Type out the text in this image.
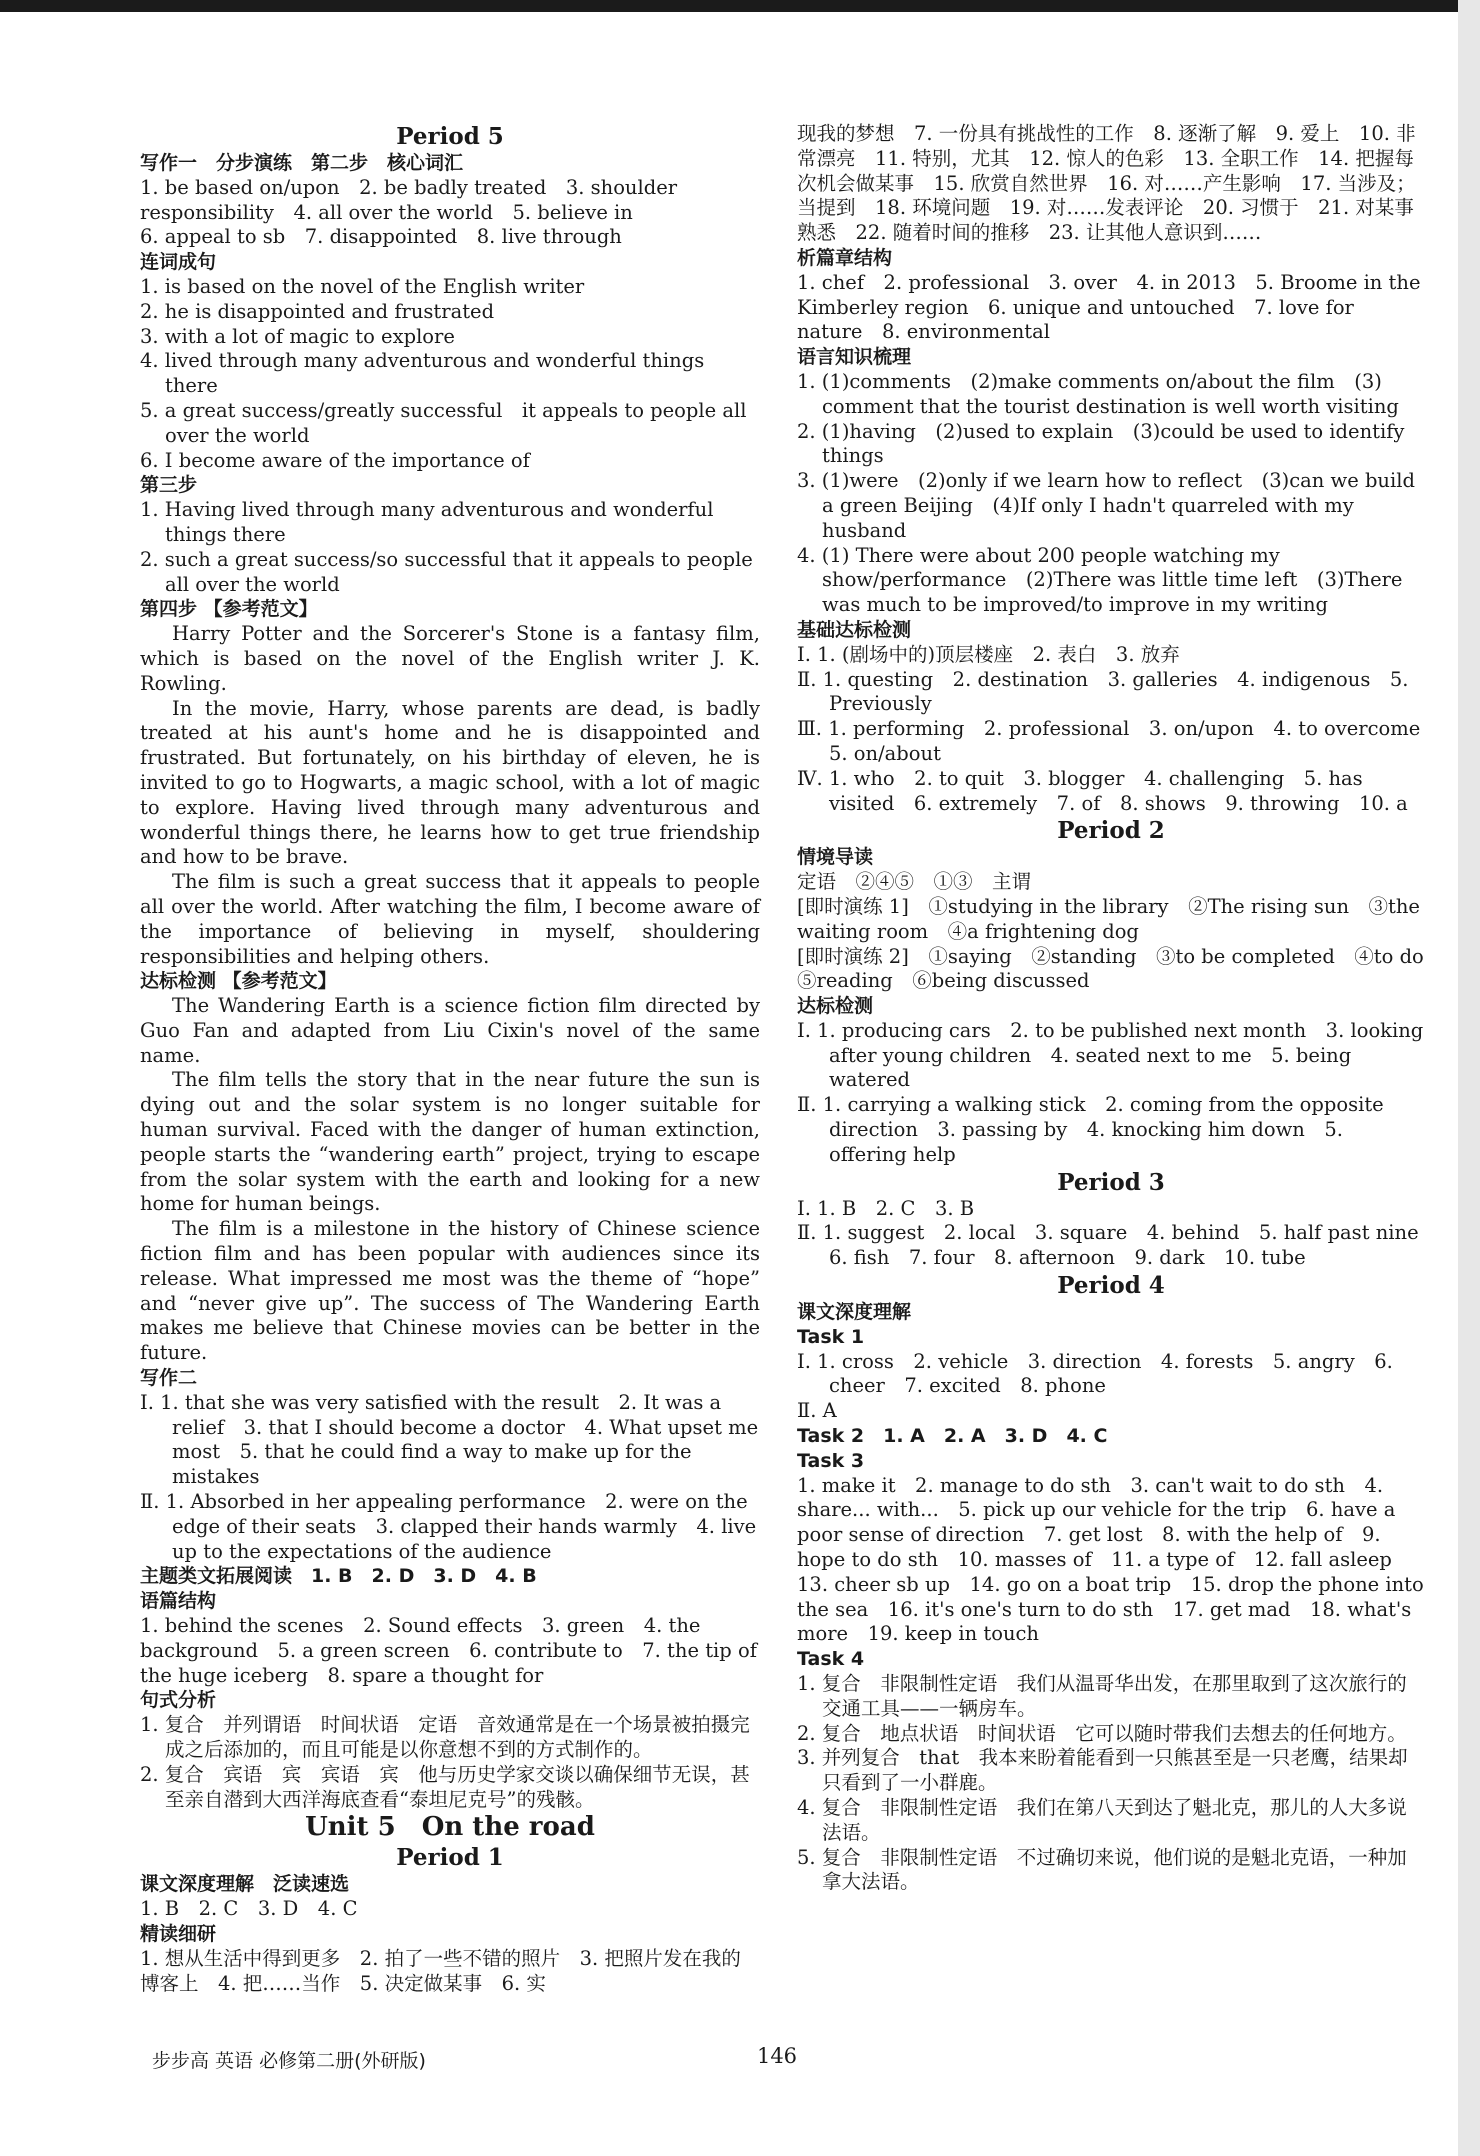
Period 5

写作一　分步演练　第二步　核心词汇

1. be based on/upon　2. be badly treated　3. shoulder responsibility　4. all over the world　5. believe in

6. appeal to sb　7. disappointed　8. live through

连词成句

1. is based on the novel of the English writer

2. he is disappointed and frustrated

3. with a lot of magic to explore

4. lived through many adventurous and wonderful things there

5. a great success/greatly successful　it appeals to people all over the world

6. I become aware of the importance of

第三步

1. Having lived through many adventurous and wonderful things there

2. such a great success/so successful that it appeals to people all over the world

第四步 【参考范文】

Harry Potter and the Sorcerer's Stone is a fantasy film, which is based on the novel of the English writer J. K. Rowling.

In the movie, Harry, whose parents are dead, is badly treated at his aunt's home and he is disappointed and frustrated. But fortunately, on his birthday of eleven, he is invited to go to Hogwarts, a magic school, with a lot of magic to explore. Having lived through many adventurous and wonderful things there, he learns how to get true friendship and how to be brave.

The film is such a great success that it appeals to people all over the world. After watching the film, I become aware of the importance of believing in myself, shouldering responsibilities and helping others.

达标检测 【参考范文】

The Wandering Earth is a science fiction film directed by Guo Fan and adapted from Liu Cixin's novel of the same name.

The film tells the story that in the near future the sun is dying out and the solar system is no longer suitable for human survival. Faced with the danger of human extinction, people starts the “wandering earth” project, trying to escape from the solar system with the earth and looking for a new home for human beings.

The film is a milestone in the history of Chinese science fiction film and has been popular with audiences since its release. What impressed me most was the theme of “hope” and “never give up”. The success of The Wandering Earth makes me believe that Chinese movies can be better in the future.

写作二

Ⅰ. 1. that she was very satisfied with the result　2. It was a relief　3. that I should become a doctor　4. What upset me most　5. that he could find a way to make up for the mistakes

Ⅱ. 1. Absorbed in her appealing performance　2. were on the edge of their seats　3. clapped their hands warmly　4. live up to the expectations of the audience

主题类文拓展阅读　1. B　2. D　3. D　4. B

语篇结构

1. behind the scenes　2. Sound effects　3. green　4. the background　5. a green screen　6. contribute to　7. the tip of the huge iceberg　8. spare a thought for

句式分析

1. 复合　并列谓语　时间状语　定语　音效通常是在一个场景被拍摄完成之后添加的，而且可能是以你意想不到的方式制作的。

2. 复合　宾语　宾　宾语　宾　他与历史学家交谈以确保细节无误，甚至亲自潜到大西洋海底查看“泰坦尼克号”的残骸。

Unit 5　On the road

Period 1

课文深度理解　泛读速选

1. B　2. C　3. D　4. C

精读细研

1. 想从生活中得到更多　2. 拍了一些不错的照片　3. 把照片发在我的博客上　4. 把……当作　5. 决定做某事　6. 实

现我的梦想　7. 一份具有挑战性的工作　8. 逐渐了解　9. 爱上　10. 非常漂亮　11. 特别，尤其　12. 惊人的色彩　13. 全职工作　14. 把握每次机会做某事　15. 欣赏自然世界　16. 对……产生影响　17. 当涉及；当提到　18. 环境问题　19. 对……发表评论　20. 习惯于　21. 对某事熟悉　22. 随着时间的推移　23. 让其他人意识到……

析篇章结构

1. chef　2. professional　3. over　4. in 2013　5. Broome in the Kimberley region　6. unique and untouched　7. love for nature　8. environmental

语言知识梳理

1. (1)comments　(2)make comments on/about the film　(3) comment that the tourist destination is well worth visiting

2. (1)having　(2)used to explain　(3)could be used to identify things

3. (1)were　(2)only if we learn how to reflect　(3)can we build a green Beijing　(4)If only I hadn't quarreled with my husband

4. (1) There were about 200 people watching my show/performance　(2)There was little time left　(3)There was much to be improved/to improve in my writing

基础达标检测

Ⅰ. 1. (剧场中的)顶层楼座　2. 表白　3. 放弃

Ⅱ. 1. questing　2. destination　3. galleries　4. indigenous　5. Previously

Ⅲ. 1. performing　2. professional　3. on/upon　4. to overcome　5. on/about

Ⅳ. 1. who　2. to quit　3. blogger　4. challenging　5. has visited　6. extremely　7. of　8. shows　9. throwing　10. a

Period 2

情境导读

定语　②④⑤　①③　主谓

[即时演练 1]　①studying in the library　②The rising sun　③the waiting room　④a frightening dog

[即时演练 2]　①saying　②standing　③to be completed　④to do　⑤reading　⑥being discussed

达标检测

Ⅰ. 1. producing cars　2. to be published next month　3. looking after young children　4. seated next to me　5. being watered

Ⅱ. 1. carrying a walking stick　2. coming from the opposite direction　3. passing by　4. knocking him down　5. offering help

Period 3

Ⅰ. 1. B　2. C　3. B

Ⅱ. 1. suggest　2. local　3. square　4. behind　5. half past nine　6. fish　7. four　8. afternoon　9. dark　10. tube

Period 4

课文深度理解

Task 1

Ⅰ. 1. cross　2. vehicle　3. direction　4. forests　5. angry　6. cheer　7. excited　8. phone

Ⅱ. A

Task 2　1. A　2. A　3. D　4. C

Task 3

1. make it　2. manage to do sth　3. can't wait to do sth　4. share... with...　5. pick up our vehicle for the trip　6. have a poor sense of direction　7. get lost　8. with the help of　9. hope to do sth　10. masses of　11. a type of　12. fall asleep　13. cheer sb up　14. go on a boat trip　15. drop the phone into the sea　16. it's one's turn to do sth　17. get mad　18. what's more　19. keep in touch

Task 4

1. 复合　非限制性定语　我们从温哥华出发，在那里取到了这次旅行的交通工具——一辆房车。

2. 复合　地点状语　时间状语　它可以随时带我们去想去的任何地方。

3. 并列复合　that　我本来盼着能看到一只熊甚至是一只老鹰，结果却只看到了一小群鹿。

4. 复合　非限制性定语　我们在第八天到达了魁北克，那儿的人大多说法语。

5. 复合　非限制性定语　不过确切来说，他们说的是魁北克语，一种加拿大法语。

步步高 英语 必修第二册(外研版)	146
